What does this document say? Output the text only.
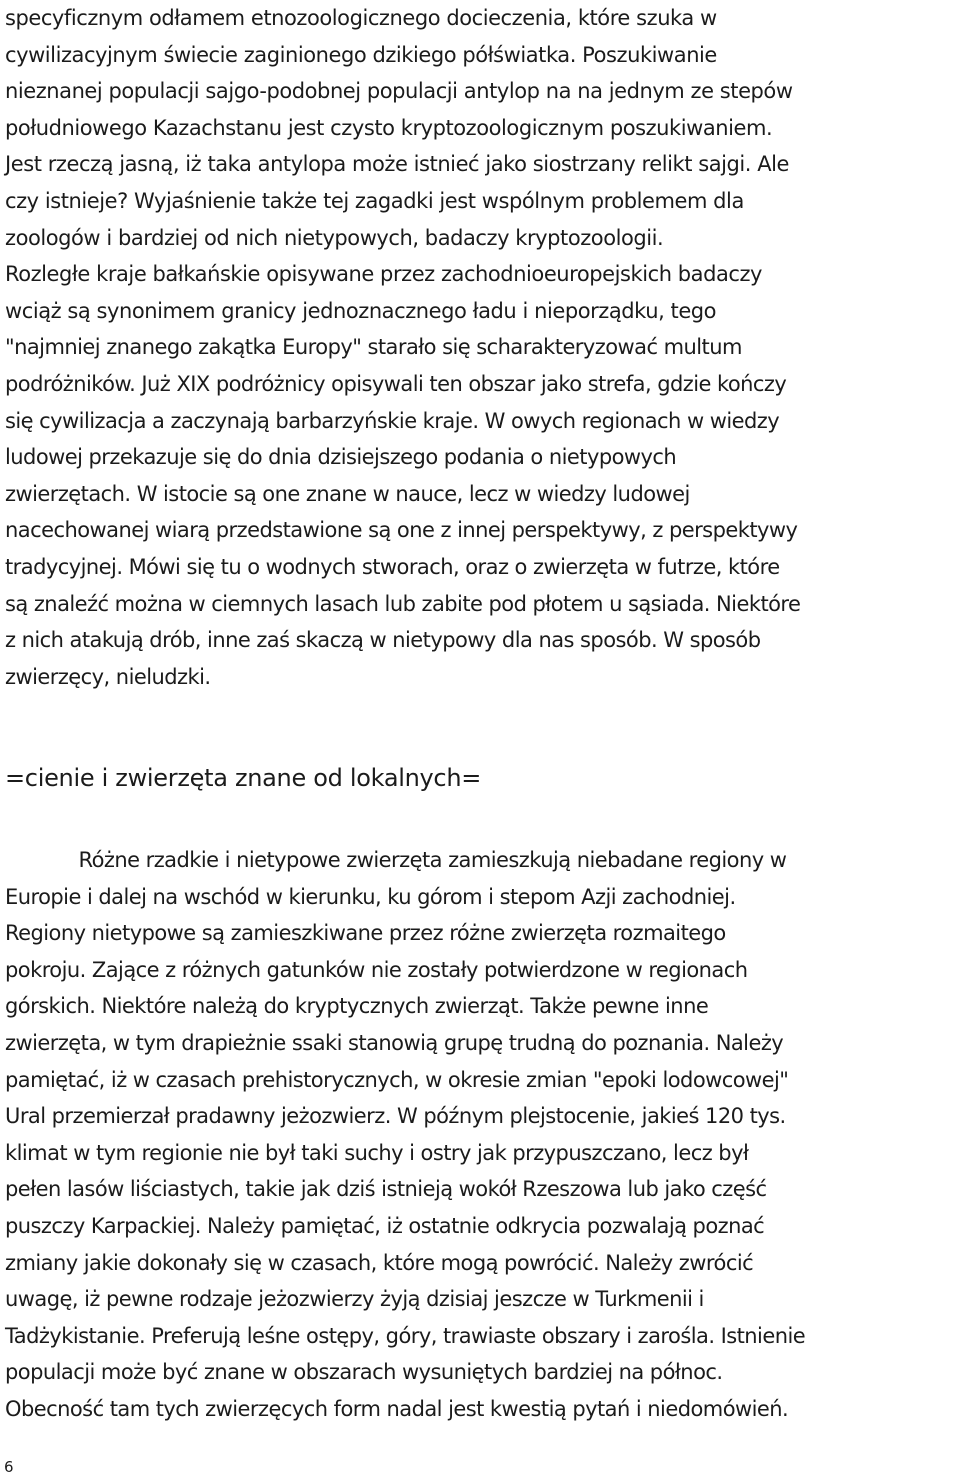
specyficznym odłamem etnozoologicznego docieczenia, które szuka w
cywilizacyjnym świecie zaginionego dzikiego półświatka. Poszukiwanie
nieznanej populacji sajgo-podobnej populacji antylop na na jednym ze stepów
południowego Kazachstanu jest czysto kryptozoologicznym poszukiwaniem.
Jest rzeczą jasną, iż taka antylopa może istnieć jako siostrzany relikt sajgi. Ale
czy istnieje? Wyjaśnienie także tej zagadki jest wspólnym problemem dla
zoologów i bardziej od nich nietypowych, badaczy kryptozoologii.
Rozległe kraje bałkańskie opisywane przez zachodnioeuropejskich badaczy
wciąż są synonimem granicy jednoznacznego ładu i nieporządku, tego
"najmniej znanego zakątka Europy" starało się scharakteryzować multum
podróżników. Już XIX podróżnicy opisywali ten obszar jako strefa, gdzie kończy
się cywilizacja a zaczynają barbarzyńskie kraje. W owych regionach w wiedzy
ludowej przekazuje się do dnia dzisiejszego podania o nietypowych
zwierzętach. W istocie są one znane w nauce, lecz w wiedzy ludowej
nacechowanej wiarą przedstawione są one z innej perspektywy, z perspektywy
tradycyjnej. Mówi się tu o wodnych stworach, oraz o zwierzęta w futrze, które
są znaleźć można w ciemnych lasach lub zabite pod płotem u sąsiada. Niektóre
z nich atakują drób, inne zaś skaczą w nietypowy dla nas sposób. W sposób
zwierzęcy, nieludzki.

=cienie i zwierzęta znane od lokalnych=

Różne rzadkie i nietypowe zwierzęta zamieszkują niebadane regiony w
Europie i dalej na wschód w kierunku, ku górom i stepom Azji zachodniej.
Regiony nietypowe są zamieszkiwane przez różne zwierzęta rozmaitego
pokroju. Zające z różnych gatunków nie zostały potwierdzone w regionach
górskich. Niektóre należą do kryptycznych zwierząt. Także pewne inne
zwierzęta, w tym drapieżnie ssaki stanowią grupę trudną do poznania. Należy
pamiętać, iż w czasach prehistorycznych, w okresie zmian "epoki lodowcowej"
Ural przemierzał pradawny jeżozwierz. W późnym plejstocenie, jakieś 120 tys.
klimat w tym regionie nie był taki suchy i ostry jak przypuszczano, lecz był
pełen lasów liściastych, takie jak dziś istnieją wokół Rzeszowa lub jako część
puszczy Karpackiej. Należy pamiętać, iż ostatnie odkrycia pozwalają poznać
zmiany jakie dokonały się w czasach, które mogą powrócić. Należy zwrócić
uwagę, iż pewne rodzaje jeżozwierzy żyją dzisiaj jeszcze w Turkmenii i
Tadżykistanie. Preferują leśne ostępy, góry, trawiaste obszary i zarośla. Istnienie
populacji może być znane w obszarach wysuniętych bardziej na północ.
Obecność tam tych zwierzęcych form nadal jest kwestią pytań i niedomówień.

6
